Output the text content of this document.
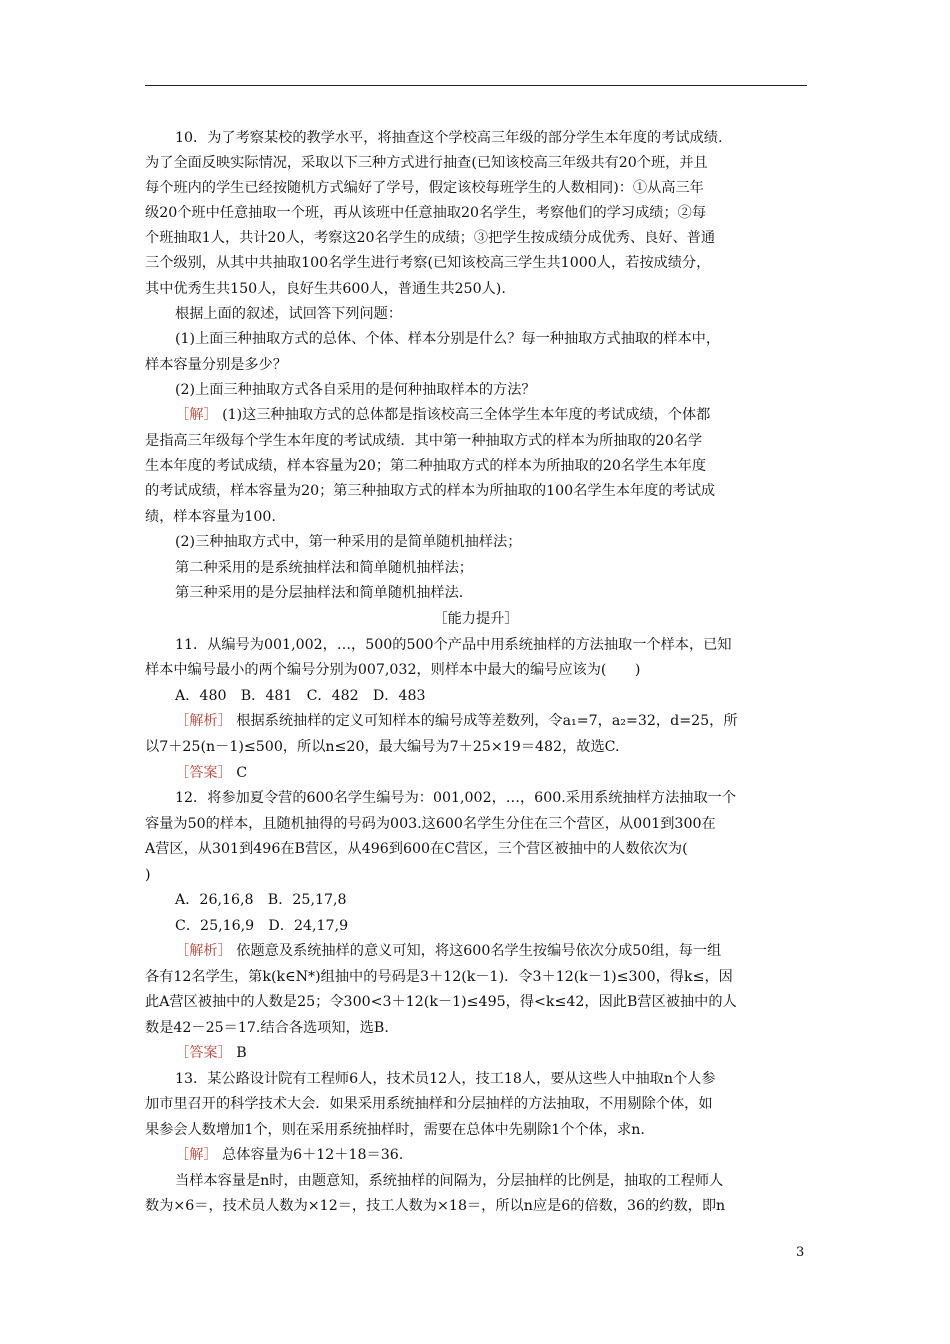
10．为了考察某校的教学水平，将抽查这个学校高三年级的部分学生本年度的考试成绩.
为了全面反映实际情况，采取以下三种方式进行抽查(已知该校高三年级共有20个班，并且
每个班内的学生已经按随机方式编好了学号，假定该校每班学生的人数相同)：①从高三年
级20个班中任意抽取一个班，再从该班中任意抽取20名学生，考察他们的学习成绩；②每
个班抽取1人，共计20人，考察这20名学生的成绩；③把学生按成绩分成优秀、良好、普通
三个级别，从其中共抽取100名学生进行考察(已知该校高三学生共1000人，若按成绩分，
其中优秀生共150人，良好生共600人，普通生共250人).
根据上面的叙述，试回答下列问题：
(1)上面三种抽取方式的总体、个体、样本分别是什么？每一种抽取方式抽取的样本中，
样本容量分别是多少？
(2)上面三种抽取方式各自采用的是何种抽取样本的方法？
［解］ (1)这三种抽取方式的总体都是指该校高三全体学生本年度的考试成绩，个体都
是指高三年级每个学生本年度的考试成绩．其中第一种抽取方式的样本为所抽取的20名学
生本年度的考试成绩，样本容量为20；第二种抽取方式的样本为所抽取的20名学生本年度
的考试成绩，样本容量为20；第三种抽取方式的样本为所抽取的100名学生本年度的考试成
绩，样本容量为100.
(2)三种抽取方式中，第一种采用的是简单随机抽样法；
第二种采用的是系统抽样法和简单随机抽样法；
第三种采用的是分层抽样法和简单随机抽样法.
［能力提升］
11．从编号为001,002，…，500的500个产品中用系统抽样的方法抽取一个样本，已知
样本中编号最小的两个编号分别为007,032，则样本中最大的编号应该为(　　)
A．480　B．481　C．482　D．483
［解析］ 根据系统抽样的定义可知样本的编号成等差数列，令a₁=7，a₂=32，d=25，所
以7＋25(n－1)≤500，所以n≤20，最大编号为7＋25×19＝482，故选C.
［答案］ C
12．将参加夏令营的600名学生编号为：001,002，…，600.采用系统抽样方法抽取一个
容量为50的样本，且随机抽得的号码为003.这600名学生分住在三个营区，从001到300在
A营区，从301到496在B营区，从496到600在C营区，三个营区被抽中的人数依次为(
)
A．26,16,8　B．25,17,8
C．25,16,9　D．24,17,9
［解析］ 依题意及系统抽样的意义可知，将这600名学生按编号依次分成50组，每一组
各有12名学生，第k(k∈N*)组抽中的号码是3＋12(k－1)．令3＋12(k－1)≤300，得k≤，因
此A营区被抽中的人数是25；令300<3＋12(k－1)≤495，得<k≤42，因此B营区被抽中的人
数是42－25＝17.结合各选项知，选B.
［答案］ B
13．某公路设计院有工程师6人，技术员12人，技工18人，要从这些人中抽取n个人参
加市里召开的科学技术大会．如果采用系统抽样和分层抽样的方法抽取，不用剔除个体，如
果参会人数增加1个，则在采用系统抽样时，需要在总体中先剔除1个个体，求n.
［解］ 总体容量为6＋12＋18＝36.
当样本容量是n时，由题意知，系统抽样的间隔为，分层抽样的比例是，抽取的工程师人
数为×6＝，技术员人数为×12＝，技工人数为×18＝，所以n应是6的倍数，36的约数，即n
3
